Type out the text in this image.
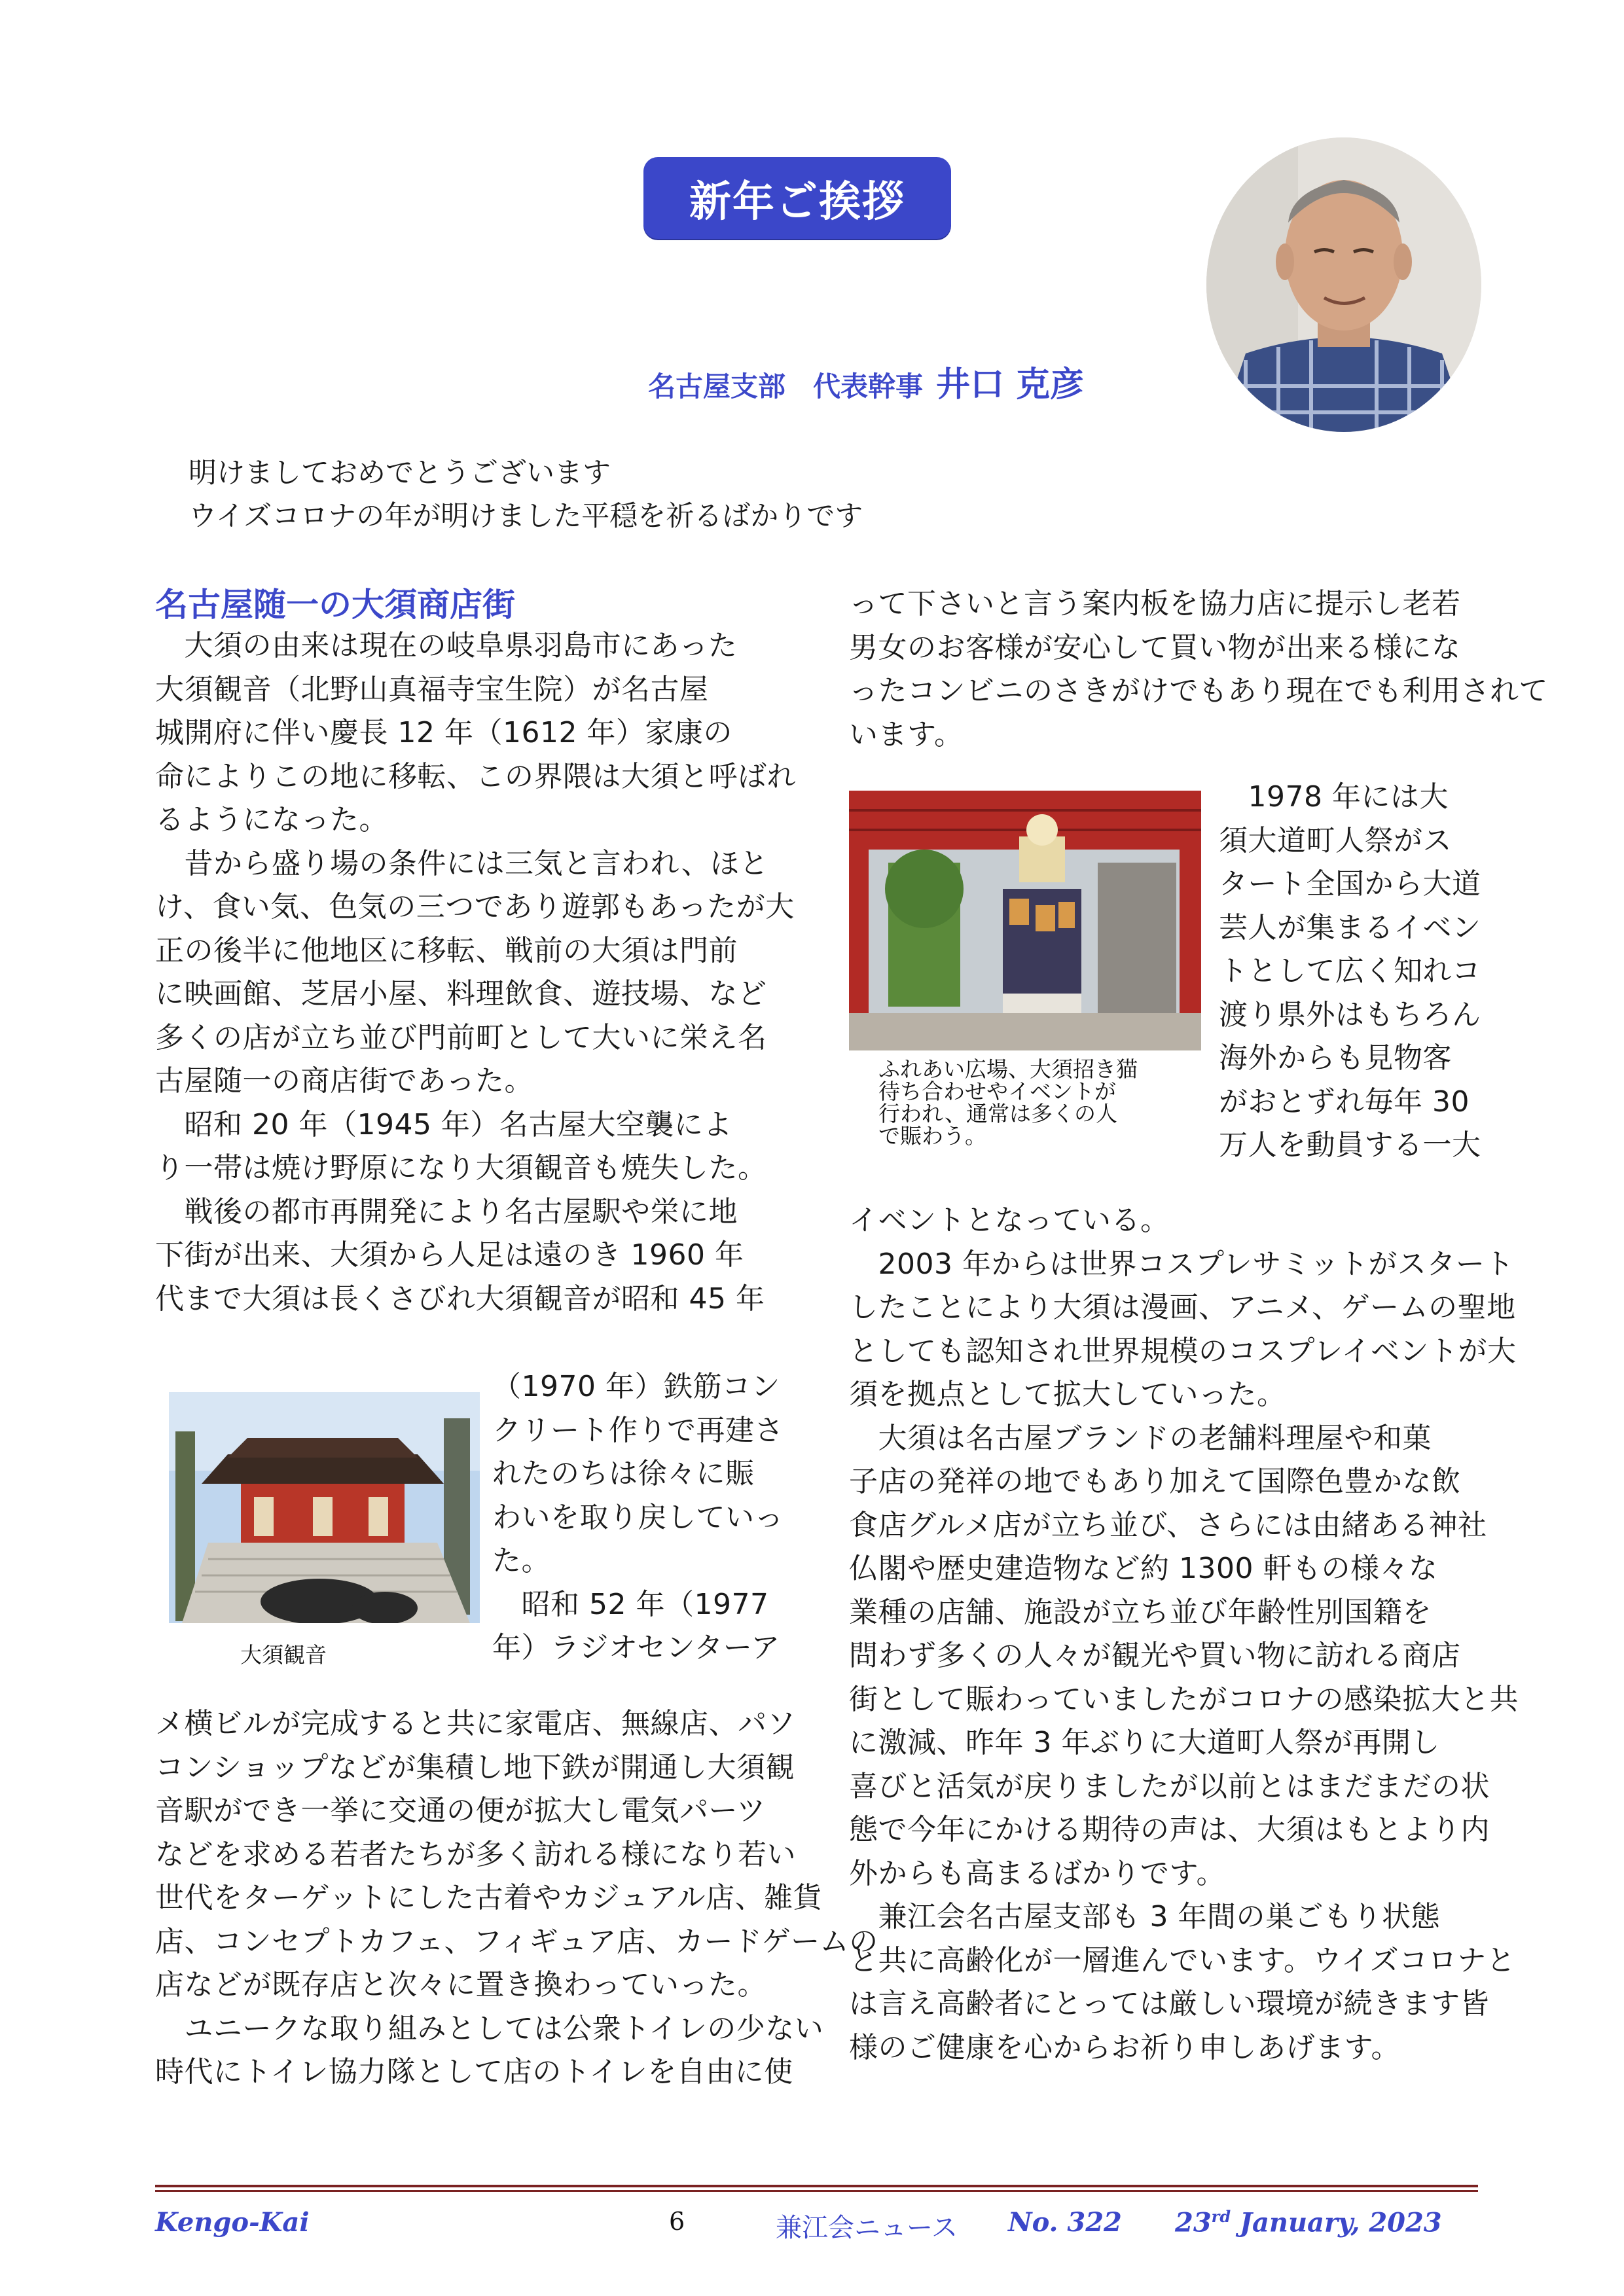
新年ご挨拶
名古屋支部　代表幹事 井口 克彦
明けましておめでとうございます
ウイズコロナの年が明けました平穏を祈るばかりです
名古屋随一の大須商店街

　大須の由来は現在の岐阜県羽島市にあった

大須観音（北野山真福寺宝生院）が名古屋

城開府に伴い慶長 12 年（1612 年）家康の

命によりこの地に移転、この界隈は大須と呼ばれ

るようになった。

　昔から盛り場の条件には三気と言われ、ほと

け、食い気、色気の三つであり遊郭もあったが大

正の後半に他地区に移転、戦前の大須は門前

に映画館、芝居小屋、料理飲食、遊技場、など

多くの店が立ち並び門前町として大いに栄え名

古屋随一の商店街であった。

　昭和 20 年（1945 年）名古屋大空襲によ

り一帯は焼け野原になり大須観音も焼失した。

　戦後の都市再開発により名古屋駅や栄に地

下街が出来、大須から人足は遠のき 1960 年

代まで大須は長くさびれ大須観音が昭和 45 年

大須観音

（1970 年）鉄筋コン

クリート作りで再建さ

れたのちは徐々に賑

わいを取り戻していっ

た。

　昭和 52 年（1977

年）ラジオセンターア

メ横ビルが完成すると共に家電店、無線店、パソ

コンショップなどが集積し地下鉄が開通し大須観

音駅ができ一挙に交通の便が拡大し電気パーツ

などを求める若者たちが多く訪れる様になり若い

世代をターゲットにした古着やカジュアル店、雑貨

店、コンセプトカフェ、フィギュア店、カードゲームの

店などが既存店と次々に置き換わっていった。

　ユニークな取り組みとしては公衆トイレの少ない

時代にトイレ協力隊として店のトイレを自由に使

って下さいと言う案内板を協力店に提示し老若

男女のお客様が安心して買い物が出来る様にな

ったコンビニのさきがけでもあり現在でも利用されて

います。

ふれあい広場、大須招き猫
待ち合わせやイベントが
行われ、通常は多くの人
で賑わう。

　1978 年には大

須大道町人祭がス

タート全国から大道

芸人が集まるイベン

トとして広く知れコ

渡り県外はもちろん

海外からも見物客

がおとずれ毎年 30

万人を動員する一大

イベントとなっている。

　2003 年からは世界コスプレサミットがスタート

したことにより大須は漫画、アニメ、ゲームの聖地

としても認知され世界規模のコスプレイベントが大

須を拠点として拡大していった。

　大須は名古屋ブランドの老舗料理屋や和菓

子店の発祥の地でもあり加えて国際色豊かな飲

食店グルメ店が立ち並び、さらには由緒ある神社

仏閣や歴史建造物など約 1300 軒もの様々な

業種の店舗、施設が立ち並び年齢性別国籍を

問わず多くの人々が観光や買い物に訪れる商店

街として賑わっていましたがコロナの感染拡大と共

に激減、昨年 3 年ぶりに大道町人祭が再開し

喜びと活気が戻りましたが以前とはまだまだの状

態で今年にかける期待の声は、大須はもとより内

外からも高まるばかりです。

　兼江会名古屋支部も 3 年間の巣ごもり状態

と共に高齢化が一層進んでいます。ウイズコロナと

は言え高齢者にとっては厳しい環境が続きます皆

様のご健康を心からお祈り申しあげます。

Kengo-Kai	6	兼江会ニュース No. 322 23rd January, 2023
